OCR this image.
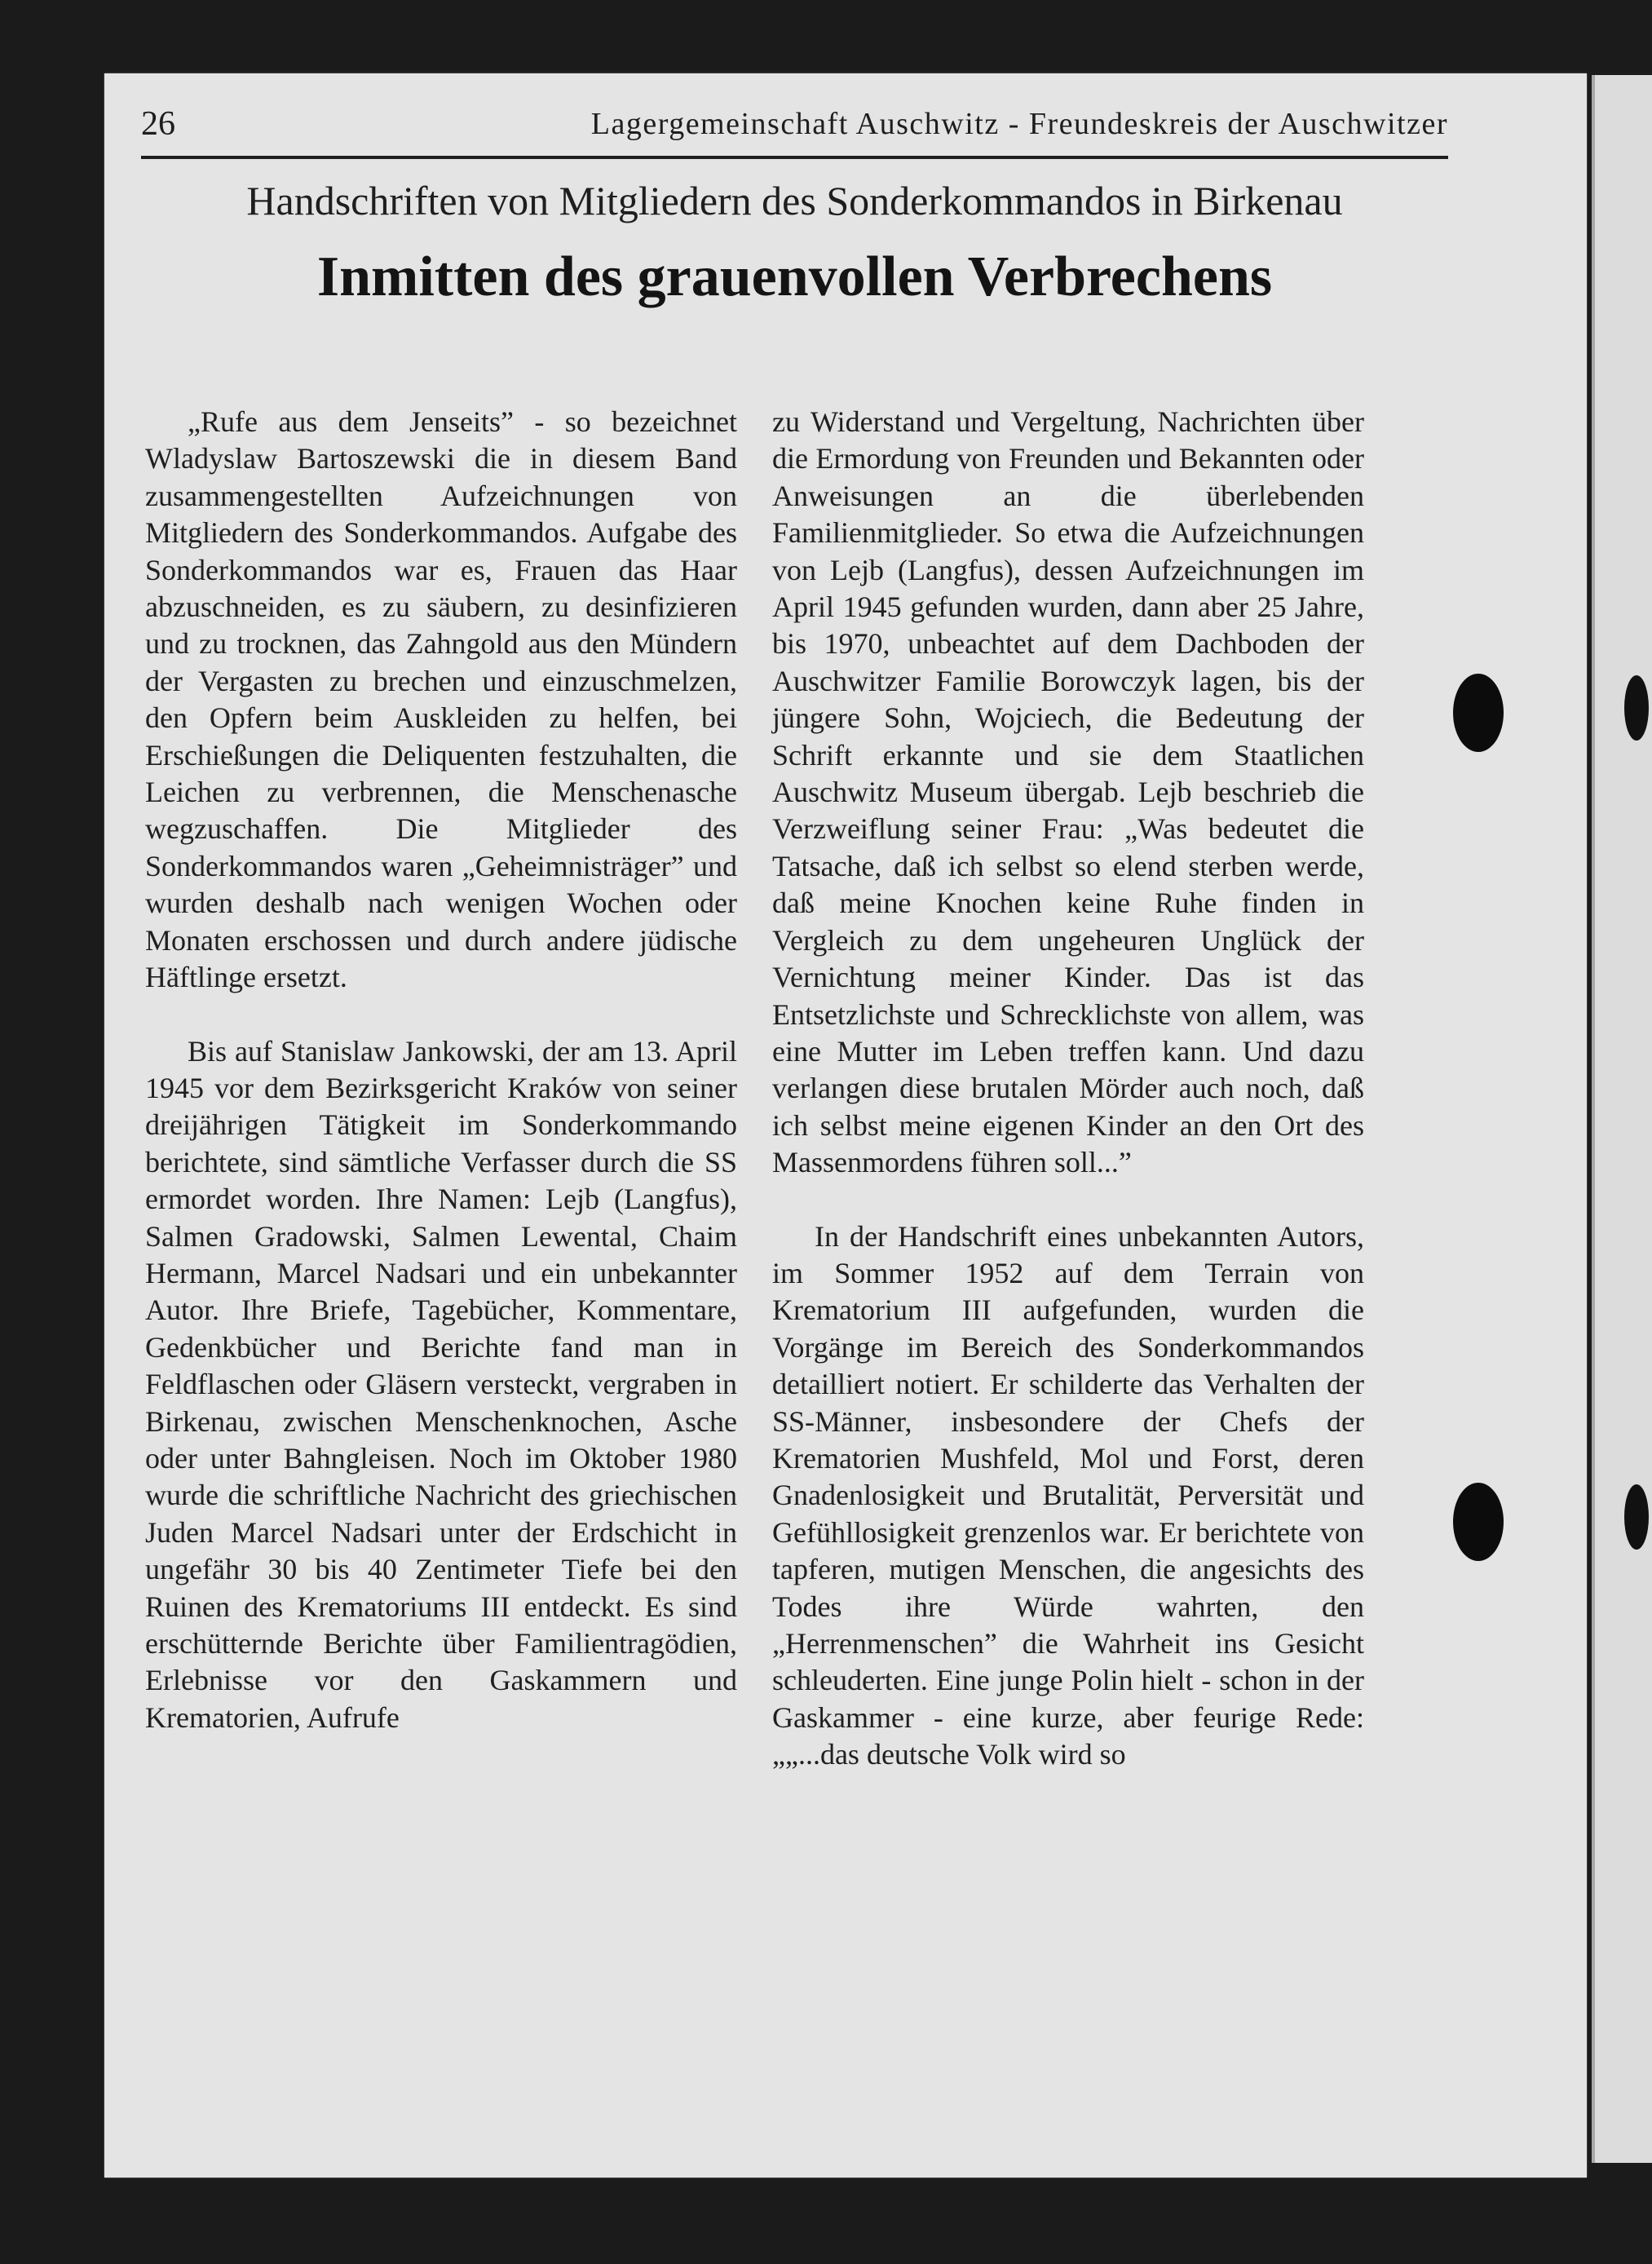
26	Lagergemeinschaft Auschwitz - Freundeskreis der Auschwitzer
Handschriften von Mitgliedern des Sonderkommandos in Birkenau
Inmitten des grauenvollen Verbrechens

„Rufe aus dem Jenseits” - so bezeichnet Wladyslaw Bartoszewski die in diesem Band zusammengestellten Aufzeichnungen von Mitgliedern des Sonderkommandos. Aufgabe des Sonderkommandos war es, Frauen das Haar abzuschneiden, es zu säubern, zu desinfizieren und zu trocknen, das Zahngold aus den Mündern der Vergasten zu brechen und einzuschmelzen, den Opfern beim Auskleiden zu helfen, bei Erschießungen die Deliquenten festzuhalten, die Leichen zu verbrennen, die Menschenasche wegzuschaffen. Die Mitglieder des Sonderkommandos waren „Geheimnisträger” und wurden deshalb nach wenigen Wochen oder Monaten erschossen und durch andere jüdische Häftlinge ersetzt.

Bis auf Stanislaw Jankowski, der am 13. April 1945 vor dem Bezirksgericht Kraków von seiner dreijährigen Tätigkeit im Sonderkommando berichtete, sind sämtliche Verfasser durch die SS ermordet worden. Ihre Namen: Lejb (Langfus), Salmen Gradowski, Salmen Lewental, Chaim Hermann, Marcel Nadsari und ein unbekannter Autor. Ihre Briefe, Tagebücher, Kommentare, Gedenkbücher und Berichte fand man in Feldflaschen oder Gläsern versteckt, vergraben in Birkenau, zwischen Menschenknochen, Asche oder unter Bahngleisen. Noch im Oktober 1980 wurde die schriftliche Nachricht des griechischen Juden Marcel Nadsari unter der Erdschicht in ungefähr 30 bis 40 Zentimeter Tiefe bei den Ruinen des Krematoriums III entdeckt. Es sind erschütternde Berichte über Familientragödien, Erlebnisse vor den Gaskammern und Krematorien, Aufrufe

zu Widerstand und Vergeltung, Nachrichten über die Ermordung von Freunden und Bekannten oder Anweisungen an die überlebenden Familienmitglieder. So etwa die Aufzeichnungen von Lejb (Langfus), dessen Aufzeichnungen im April 1945 gefunden wurden, dann aber 25 Jahre, bis 1970, unbeachtet auf dem Dachboden der Auschwitzer Familie Borowczyk lagen, bis der jüngere Sohn, Wojciech, die Bedeutung der Schrift erkannte und sie dem Staatlichen Auschwitz Museum übergab. Lejb beschrieb die Verzweiflung seiner Frau: „Was bedeutet die Tatsache, daß ich selbst so elend sterben werde, daß meine Knochen keine Ruhe finden in Vergleich zu dem ungeheuren Unglück der Vernichtung meiner Kinder. Das ist das Entsetzlichste und Schrecklichste von allem, was eine Mutter im Leben treffen kann. Und dazu verlangen diese brutalen Mörder auch noch, daß ich selbst meine eigenen Kinder an den Ort des Massenmordens führen soll...”

In der Handschrift eines unbekannten Autors, im Sommer 1952 auf dem Terrain von Krematorium III aufgefunden, wurden die Vorgänge im Bereich des Sonderkommandos detailliert notiert. Er schilderte das Verhalten der SS-Männer, insbesondere der Chefs der Krematorien Mushfeld, Mol und Forst, deren Gnadenlosigkeit und Brutalität, Perversität und Gefühllosigkeit grenzenlos war. Er berichtete von tapferen, mutigen Menschen, die angesichts des Todes ihre Würde wahrten, den „Herrenmenschen” die Wahrheit ins Gesicht schleuderten. Eine junge Polin hielt - schon in der Gaskammer - eine kurze, aber feurige Rede: „„...das deutsche Volk wird so
